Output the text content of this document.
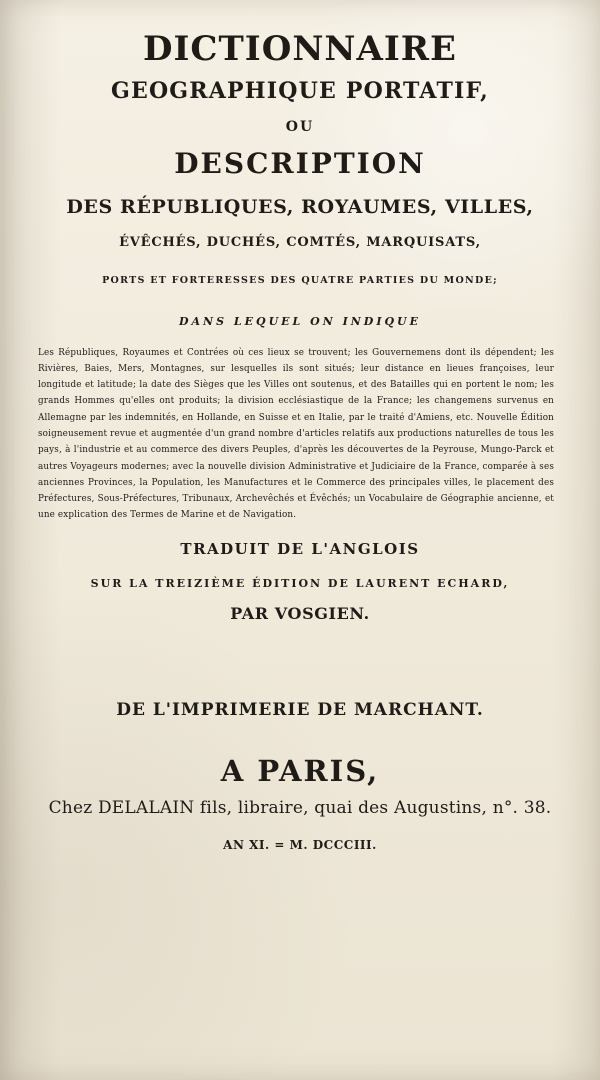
DICTIONNAIRE
GEOGRAPHIQUE PORTATIF,
OU
DESCRIPTION
DES RÉPUBLIQUES, ROYAUMES, VILLES,
ÉVÊCHÉS, DUCHÉS, COMTÉS, MARQUISATS,
PORTS ET FORTERESSES DES QUATRE PARTIES DU MONDE;
DANS LEQUEL ON INDIQUE

Les Républiques, Royaumes et Contrées où ces lieux se trouvent; les Gouvernemens dont ils dépendent; les Rivières, Baies, Mers, Montagnes, sur lesquelles ils sont situés; leur distance en lieues françoises, leur longitude et latitude; la date des Sièges que les Villes ont soutenus, et des Batailles qui en portent le nom; les grands Hommes qu'elles ont produits; la division ecclésiastique de la France; les changemens survenus en Allemagne par les indemnités, en Hollande, en Suisse et en Italie, par le traité d'Amiens, etc. Nouvelle Édition soigneusement revue et augmentée d'un grand nombre d'articles relatifs aux productions naturelles de tous les pays, à l'industrie et au commerce des divers Peuples, d'après les découvertes de la Peyrouse, Mungo-Parck et autres Voyageurs modernes; avec la nouvelle division Administrative et Judiciaire de la France, comparée à ses anciennes Provinces, la Population, les Manufactures et le Commerce des principales villes, le placement des Préfectures, Sous-Préfectures, Tribunaux, Archevêchés et Évêchés; un Vocabulaire de Géographie ancienne, et une explication des Termes de Marine et de Navigation.

TRADUIT DE L'ANGLOIS
SUR LA TREIZIÈME ÉDITION DE LAURENT ECHARD,
PAR VOSGIEN.
DE L'IMPRIMERIE DE MARCHANT.
A PARIS,
Chez DELALAIN fils, libraire, quai des Augustins, n°. 38.
AN XI. = M. DCCCIII.
